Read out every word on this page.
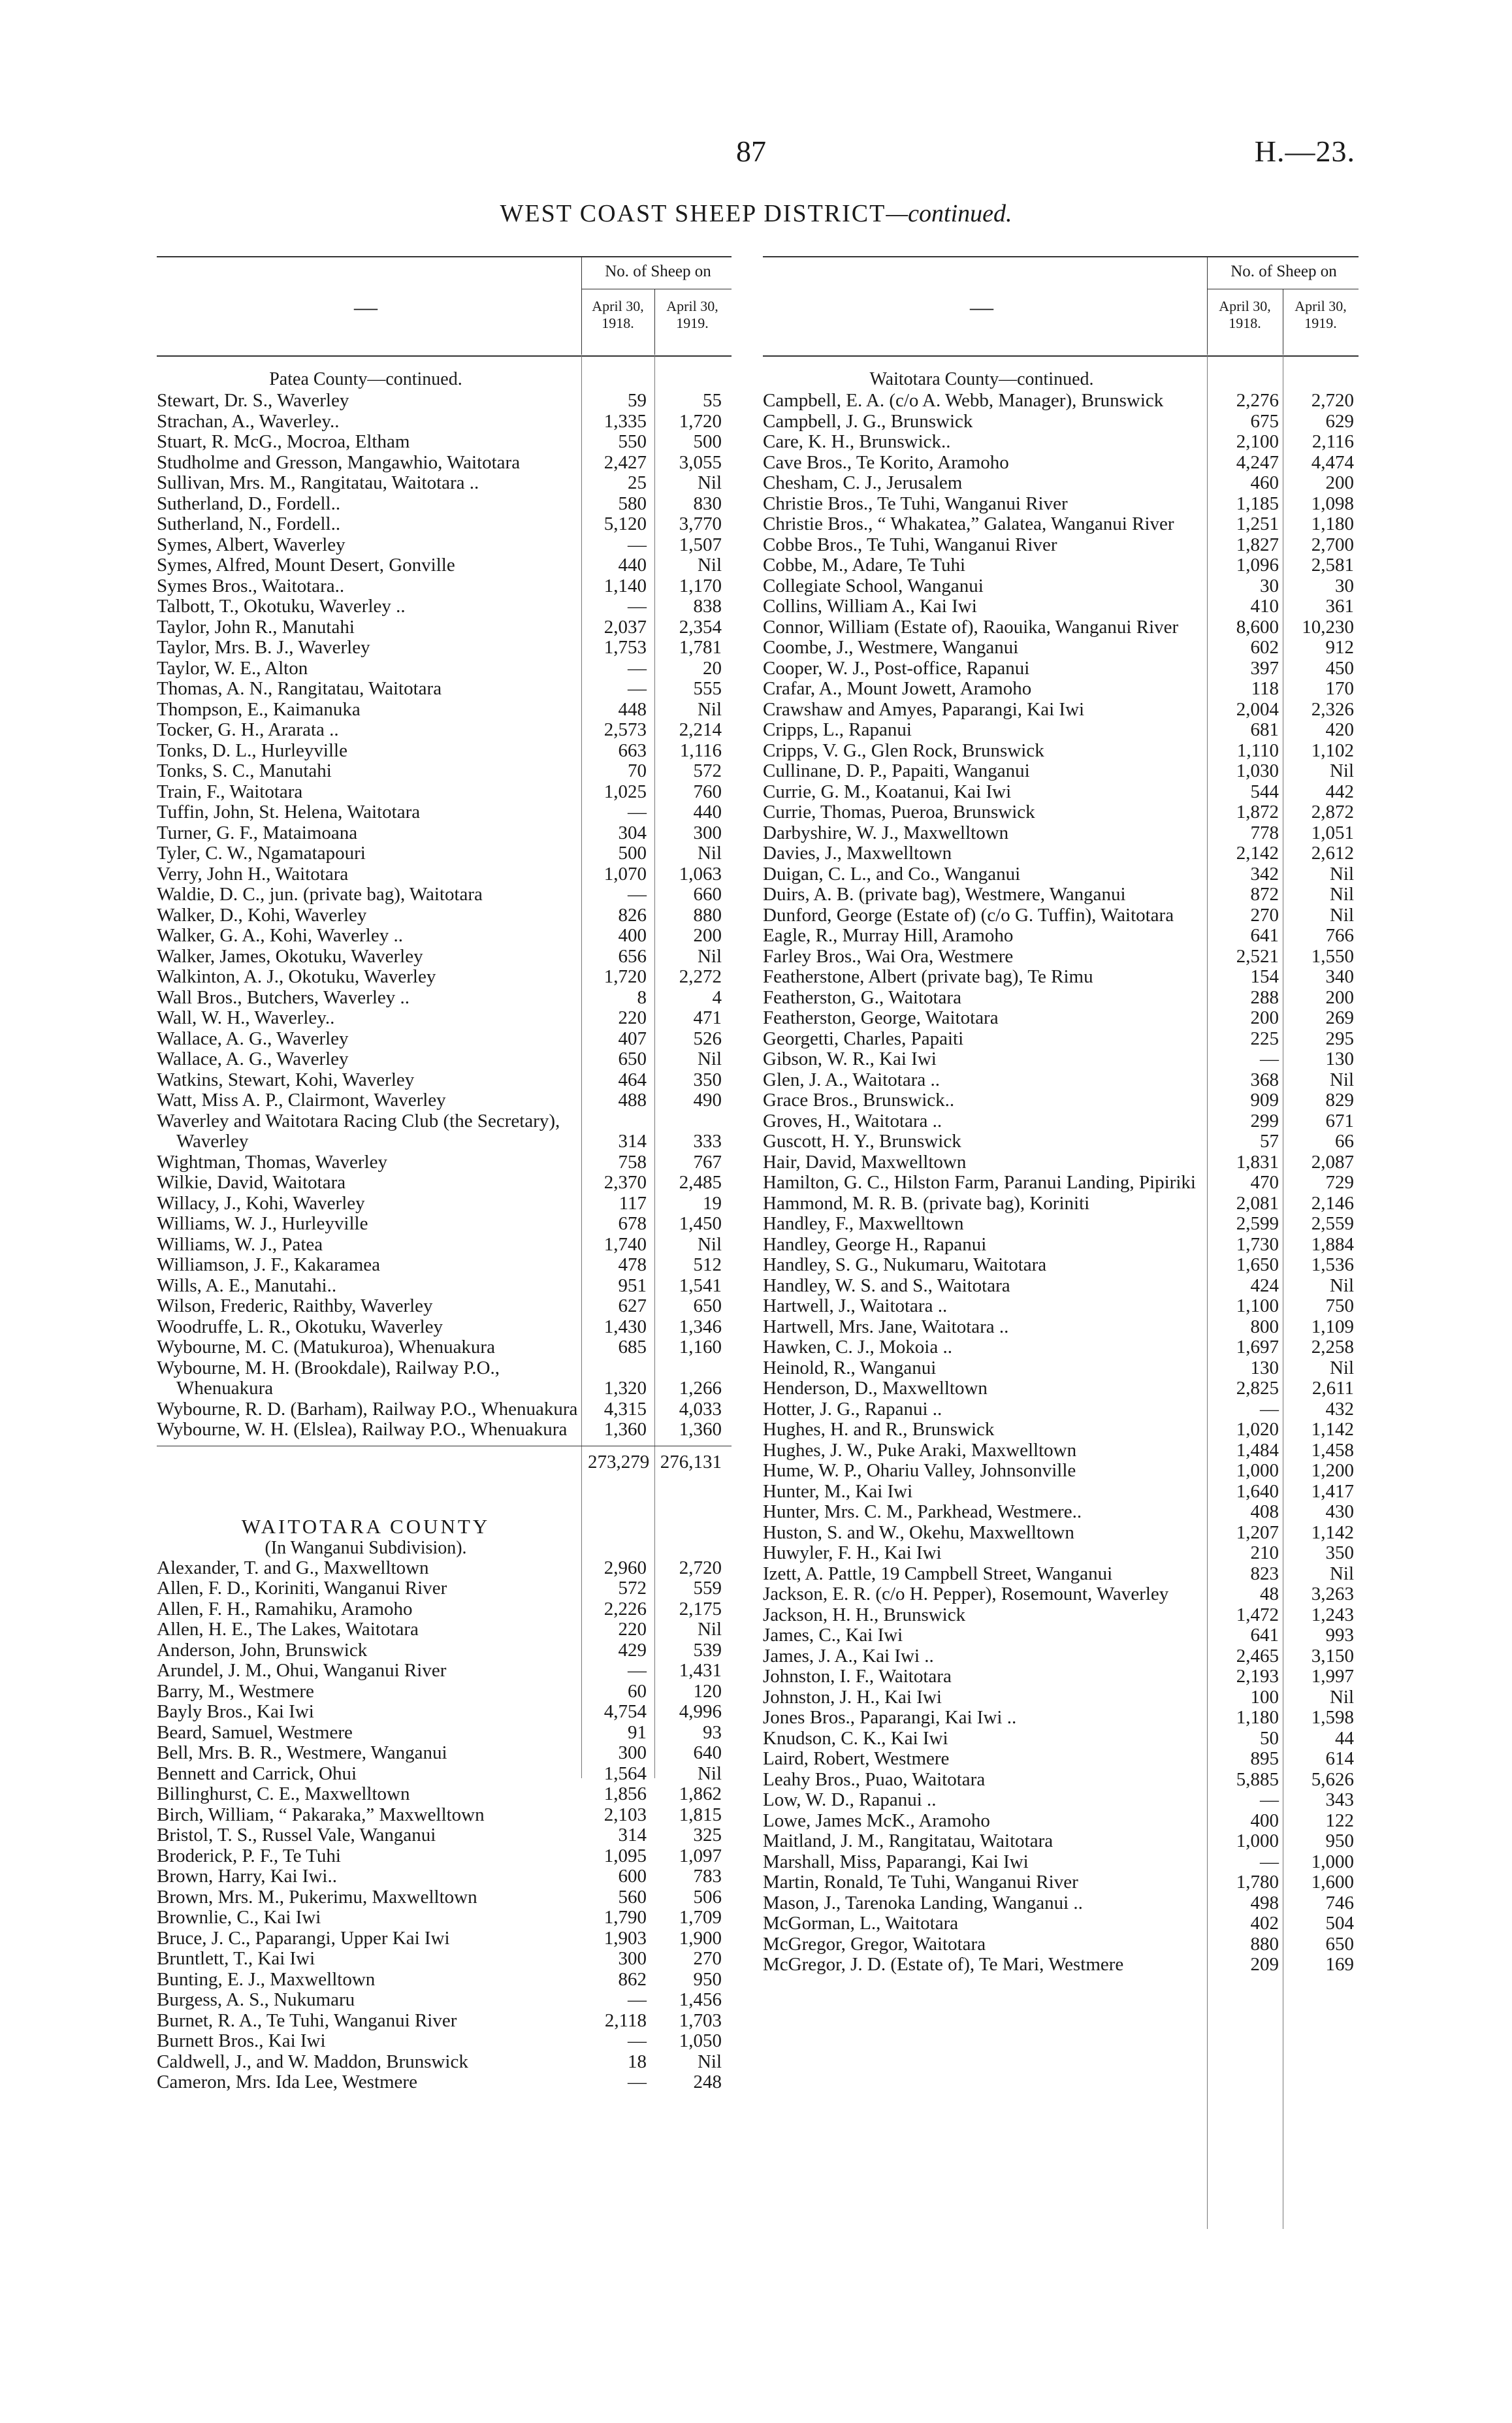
87	H.—23.
WEST COAST SHEEP DISTRICT—continued.
—
No. of Sheep on
April 30, 1918.
April 30, 1919.
Patea County—continued.
Stewart, Dr. S., Waverley	59	55
Strachan, A., Waverley..	1,335	1,720
Stuart, R. McG., Mocroa, Eltham	550	500
Studholme and Gresson, Mangawhio, Waitotara	2,427	3,055
Sullivan, Mrs. M., Rangitatau, Waitotara ..	25	Nil
Sutherland, D., Fordell..	580	830
Sutherland, N., Fordell..	5,120	3,770
Symes, Albert, Waverley	—	1,507
Symes, Alfred, Mount Desert, Gonville	440	Nil
Symes Bros., Waitotara..	1,140	1,170
Talbott, T., Okotuku, Waverley ..	—	838
Taylor, John R., Manutahi	2,037	2,354
Taylor, Mrs. B. J., Waverley	1,753	1,781
Taylor, W. E., Alton	—	20
Thomas, A. N., Rangitatau, Waitotara	—	555
Thompson, E., Kaimanuka	448	Nil
Tocker, G. H., Ararata ..	2,573	2,214
Tonks, D. L., Hurleyville	663	1,116
Tonks, S. C., Manutahi	70	572
Train, F., Waitotara	1,025	760
Tuffin, John, St. Helena, Waitotara	—	440
Turner, G. F., Mataimoana	304	300
Tyler, C. W., Ngamatapouri	500	Nil
Verry, John H., Waitotara	1,070	1,063
Waldie, D. C., jun. (private bag), Waitotara	—	660
Walker, D., Kohi, Waverley	826	880
Walker, G. A., Kohi, Waverley ..	400	200
Walker, James, Okotuku, Waverley	656	Nil
Walkinton, A. J., Okotuku, Waverley	1,720	2,272
Wall Bros., Butchers, Waverley ..	8	4
Wall, W. H., Waverley..	220	471
Wallace, A. G., Waverley	407	526
Wallace, A. G., Waverley	650	Nil
Watkins, Stewart, Kohi, Waverley	464	350
Watt, Miss A. P., Clairmont, Waverley	488	490
Waverley and Waitotara Racing Club (the Secretary), Waverley	314	333
Wightman, Thomas, Waverley	758	767
Wilkie, David, Waitotara	2,370	2,485
Willacy, J., Kohi, Waverley	117	19
Williams, W. J., Hurleyville	678	1,450
Williams, W. J., Patea	1,740	Nil
Williamson, J. F., Kakaramea	478	512
Wills, A. E., Manutahi..	951	1,541
Wilson, Frederic, Raithby, Waverley	627	650
Woodruffe, L. R., Okotuku, Waverley	1,430	1,346
Wybourne, M. C. (Matukuroa), Whenuakura	685	1,160
Wybourne, M. H. (Brookdale), Railway P.O., Whenuakura	1,320	1,266
Wybourne, R. D. (Barham), Railway P.O., Whenuakura	4,315	4,033
Wybourne, W. H. (Elslea), Railway P.O., Whenuakura	1,360	1,360
273,279 276,131
WAITOTARA COUNTY
(In Wanganui Subdivision).
Alexander, T. and G., Maxwelltown	2,960	2,720
Allen, F. D., Koriniti, Wanganui River	572	559
Allen, F. H., Ramahiku, Aramoho	2,226	2,175
Allen, H. E., The Lakes, Waitotara	220	Nil
Anderson, John, Brunswick	429	539
Arundel, J. M., Ohui, Wanganui River	—	1,431
Barry, M., Westmere	60	120
Bayly Bros., Kai Iwi	4,754	4,996
Beard, Samuel, Westmere	91	93
Bell, Mrs. B. R., Westmere, Wanganui	300	640
Bennett and Carrick, Ohui	1,564	Nil
Billinghurst, C. E., Maxwelltown	1,856	1,862
Birch, William, “ Pakaraka,” Maxwelltown	2,103	1,815
Bristol, T. S., Russel Vale, Wanganui	314	325
Broderick, P. F., Te Tuhi	1,095	1,097
Brown, Harry, Kai Iwi..	600	783
Brown, Mrs. M., Pukerimu, Maxwelltown	560	506
Brownlie, C., Kai Iwi	1,790	1,709
Bruce, J. C., Paparangi, Upper Kai Iwi	1,903	1,900
Bruntlett, T., Kai Iwi	300	270
Bunting, E. J., Maxwelltown	862	950
Burgess, A. S., Nukumaru	—	1,456
Burnet, R. A., Te Tuhi, Wanganui River	2,118	1,703
Burnett Bros., Kai Iwi	—	1,050
Caldwell, J., and W. Maddon, Brunswick	18	Nil
Cameron, Mrs. Ida Lee, Westmere	—	248
—
No. of Sheep on
April 30, 1918.
April 30, 1919.
Waitotara County—continued.
Campbell, E. A. (c/o A. Webb, Manager), Brunswick	2,276	2,720
Campbell, J. G., Brunswick	675	629
Care, K. H., Brunswick..	2,100	2,116
Cave Bros., Te Korito, Aramoho	4,247	4,474
Chesham, C. J., Jerusalem	460	200
Christie Bros., Te Tuhi, Wanganui River	1,185	1,098
Christie Bros., “ Whakatea,” Galatea, Wanganui River	1,251	1,180
Cobbe Bros., Te Tuhi, Wanganui River	1,827	2,700
Cobbe, M., Adare, Te Tuhi	1,096	2,581
Collegiate School, Wanganui	30	30
Collins, William A., Kai Iwi	410	361
Connor, William (Estate of), Raouika, Wanganui River	8,600	10,230
Coombe, J., Westmere, Wanganui	602	912
Cooper, W. J., Post-office, Rapanui	397	450
Crafar, A., Mount Jowett, Aramoho	118	170
Crawshaw and Amyes, Paparangi, Kai Iwi	2,004	2,326
Cripps, L., Rapanui	681	420
Cripps, V. G., Glen Rock, Brunswick	1,110	1,102
Cullinane, D. P., Papaiti, Wanganui	1,030	Nil
Currie, G. M., Koatanui, Kai Iwi	544	442
Currie, Thomas, Pueroa, Brunswick	1,872	2,872
Darbyshire, W. J., Maxwelltown	778	1,051
Davies, J., Maxwelltown	2,142	2,612
Duigan, C. L., and Co., Wanganui	342	Nil
Duirs, A. B. (private bag), Westmere, Wanganui	872	Nil
Dunford, George (Estate of) (c/o G. Tuffin), Waitotara	270	Nil
Eagle, R., Murray Hill, Aramoho	641	766
Farley Bros., Wai Ora, Westmere	2,521	1,550
Featherstone, Albert (private bag), Te Rimu	154	340
Featherston, G., Waitotara	288	200
Featherston, George, Waitotara	200	269
Georgetti, Charles, Papaiti	225	295
Gibson, W. R., Kai Iwi	—	130
Glen, J. A., Waitotara ..	368	Nil
Grace Bros., Brunswick..	909	829
Groves, H., Waitotara ..	299	671
Guscott, H. Y., Brunswick	57	66
Hair, David, Maxwelltown	1,831	2,087
Hamilton, G. C., Hilston Farm, Paranui Landing, Pipiriki	470	729
Hammond, M. R. B. (private bag), Koriniti	2,081	2,146
Handley, F., Maxwelltown	2,599	2,559
Handley, George H., Rapanui	1,730	1,884
Handley, S. G., Nukumaru, Waitotara	1,650	1,536
Handley, W. S. and S., Waitotara	424	Nil
Hartwell, J., Waitotara ..	1,100	750
Hartwell, Mrs. Jane, Waitotara ..	800	1,109
Hawken, C. J., Mokoia ..	1,697	2,258
Heinold, R., Wanganui	130	Nil
Henderson, D., Maxwelltown	2,825	2,611
Hotter, J. G., Rapanui ..	—	432
Hughes, H. and R., Brunswick	1,020	1,142
Hughes, J. W., Puke Araki, Maxwelltown	1,484	1,458
Hume, W. P., Ohariu Valley, Johnsonville	1,000	1,200
Hunter, M., Kai Iwi	1,640	1,417
Hunter, Mrs. C. M., Parkhead, Westmere..	408	430
Huston, S. and W., Okehu, Maxwelltown	1,207	1,142
Huwyler, F. H., Kai Iwi	210	350
Izett, A. Pattle, 19 Campbell Street, Wanganui	823	Nil
Jackson, E. R. (c/o H. Pepper), Rosemount, Waverley	48	3,263
Jackson, H. H., Brunswick	1,472	1,243
James, C., Kai Iwi	641	993
James, J. A., Kai Iwi ..	2,465	3,150
Johnston, I. F., Waitotara	2,193	1,997
Johnston, J. H., Kai Iwi	100	Nil
Jones Bros., Paparangi, Kai Iwi ..	1,180	1,598
Knudson, C. K., Kai Iwi	50	44
Laird, Robert, Westmere	895	614
Leahy Bros., Puao, Waitotara	5,885	5,626
Low, W. D., Rapanui ..	—	343
Lowe, James McK., Aramoho	400	122
Maitland, J. M., Rangitatau, Waitotara	1,000	950
Marshall, Miss, Paparangi, Kai Iwi	—	1,000
Martin, Ronald, Te Tuhi, Wanganui River	1,780	1,600
Mason, J., Tarenoka Landing, Wanganui ..	498	746
McGorman, L., Waitotara	402	504
McGregor, Gregor, Waitotara	880	650
McGregor, J. D. (Estate of), Te Mari, Westmere	209	169
